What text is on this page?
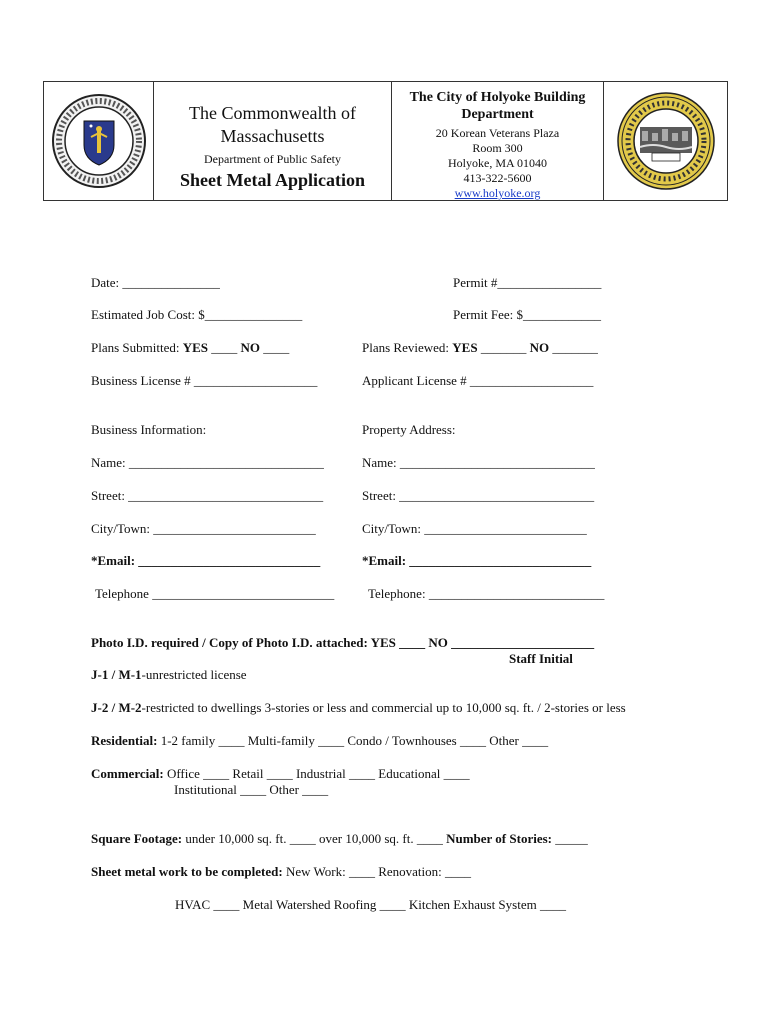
The Commonwealth of
Massachusetts
Department of Public Safety
Sheet Metal Application
The City of Holyoke Building
Department
20 Korean Veterans Plaza
Room 300
Holyoke, MA 01040
413-322-5600
www.holyoke.org
Date: _______________	Permit #________________
Estimated Job Cost: $_______________	Permit Fee: $____________
Plans Submitted: YES ____ NO ____	Plans Reviewed: YES _______ NO _______
Business License # ___________________	Applicant License # ___________________
Business Information:	Property Address:
Name: ______________________________	Name: ______________________________
Street: ______________________________	Street: ______________________________
City/Town: _________________________	City/Town: _________________________
*Email: ____________________________	*Email: ____________________________
Telephone ____________________________	Telephone: ___________________________
Photo I.D. required / Copy of Photo I.D. attached: YES ____ NO ______________________
Staff Initial
J-1 / M-1-unrestricted license
J-2 / M-2-restricted to dwellings 3-stories or less and commercial up to 10,000 sq. ft. / 2-stories or less
Residential: 1-2 family ____ Multi-family ____ Condo / Townhouses ____ Other ____
Commercial: Office ____ Retail ____ Industrial ____ Educational ____
Institutional ____ Other ____
Square Footage: under 10,000 sq. ft. ____ over 10,000 sq. ft. ____ Number of Stories: _____
Sheet metal work to be completed: New Work: ____ Renovation: ____
HVAC ____ Metal Watershed Roofing ____ Kitchen Exhaust System ____
